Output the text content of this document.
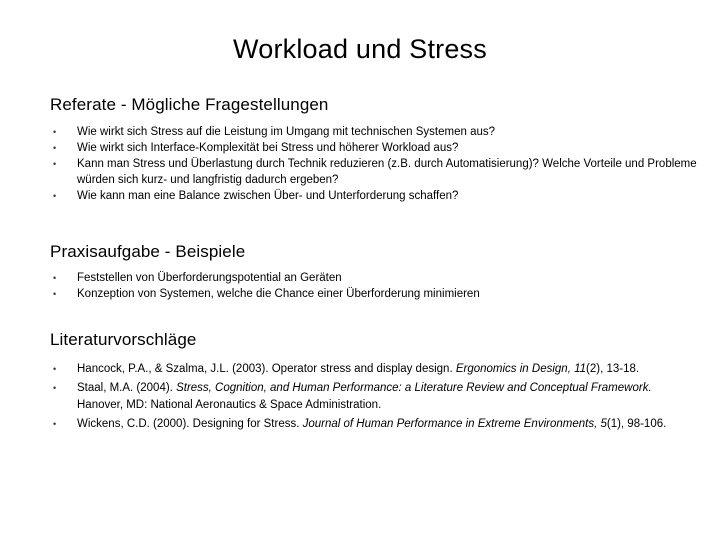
Workload und Stress
Referate - Mögliche Fragestellungen
• Wie wirkt sich Stress auf die Leistung im Umgang mit technischen Systemen aus?
• Wie wirkt sich Interface-Komplexität bei Stress und höherer Workload aus?
• Kann man Stress und Überlastung durch Technik reduzieren (z.B. durch Automatisierung)? Welche Vorteile und Probleme würden sich kurz- und langfristig dadurch ergeben?
• Wie kann man eine Balance zwischen Über- und Unterforderung schaffen?
Praxisaufgabe - Beispiele
• Feststellen von Überforderungspotential an Geräten
• Konzeption von Systemen, welche die Chance einer Überforderung minimieren
Literaturvorschläge
• Hancock, P.A., & Szalma, J.L. (2003). Operator stress and display design. Ergonomics in Design, 11(2), 13-18.
• Staal, M.A. (2004). Stress, Cognition, and Human Performance: a Literature Review and Conceptual Framework. Hanover, MD: National Aeronautics & Space Administration.
• Wickens, C.D. (2000). Designing for Stress. Journal of Human Performance in Extreme Environments, 5(1), 98-106.
